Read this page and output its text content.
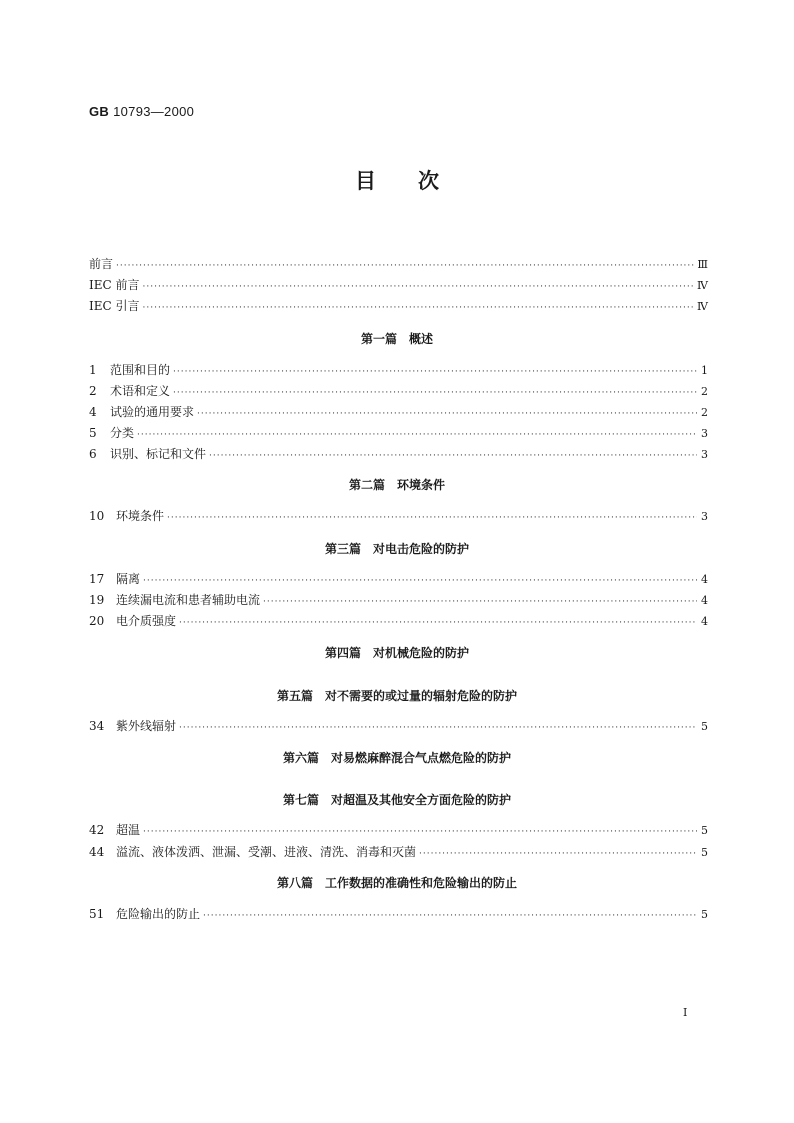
GB 10793—2000
目　　次
前言 ·····	Ⅲ
IEC 前言 ·····	Ⅳ
IEC 引言 ·····	Ⅳ
1	范围和目的 ·····	1
2	术语和定义 ·····	2
4	试验的通用要求 ·····	2
5	分类 ·····	3
6	识别、标记和文件 ·····	3
10 环境条件 ·····	3
17 隔离 ·····	4
19 连续漏电流和患者辅助电流 ·····	4
20 电介质强度 ·····	4
34 紫外线辐射 ·····	5
42 超温 ·····	5
44 溢流、液体泼洒、泄漏、受潮、进液、清洗、消毒和灭菌 ·····	5
51 危险输出的防止 ·····	5
第一篇　概述
第二篇　环境条件
第三篇　对电击危险的防护
第四篇　对机械危险的防护
第五篇　对不需要的或过量的辐射危险的防护
第六篇　对易燃麻醉混合气点燃危险的防护
第七篇　对超温及其他安全方面危险的防护
第八篇　工作数据的准确性和危险输出的防止
I
